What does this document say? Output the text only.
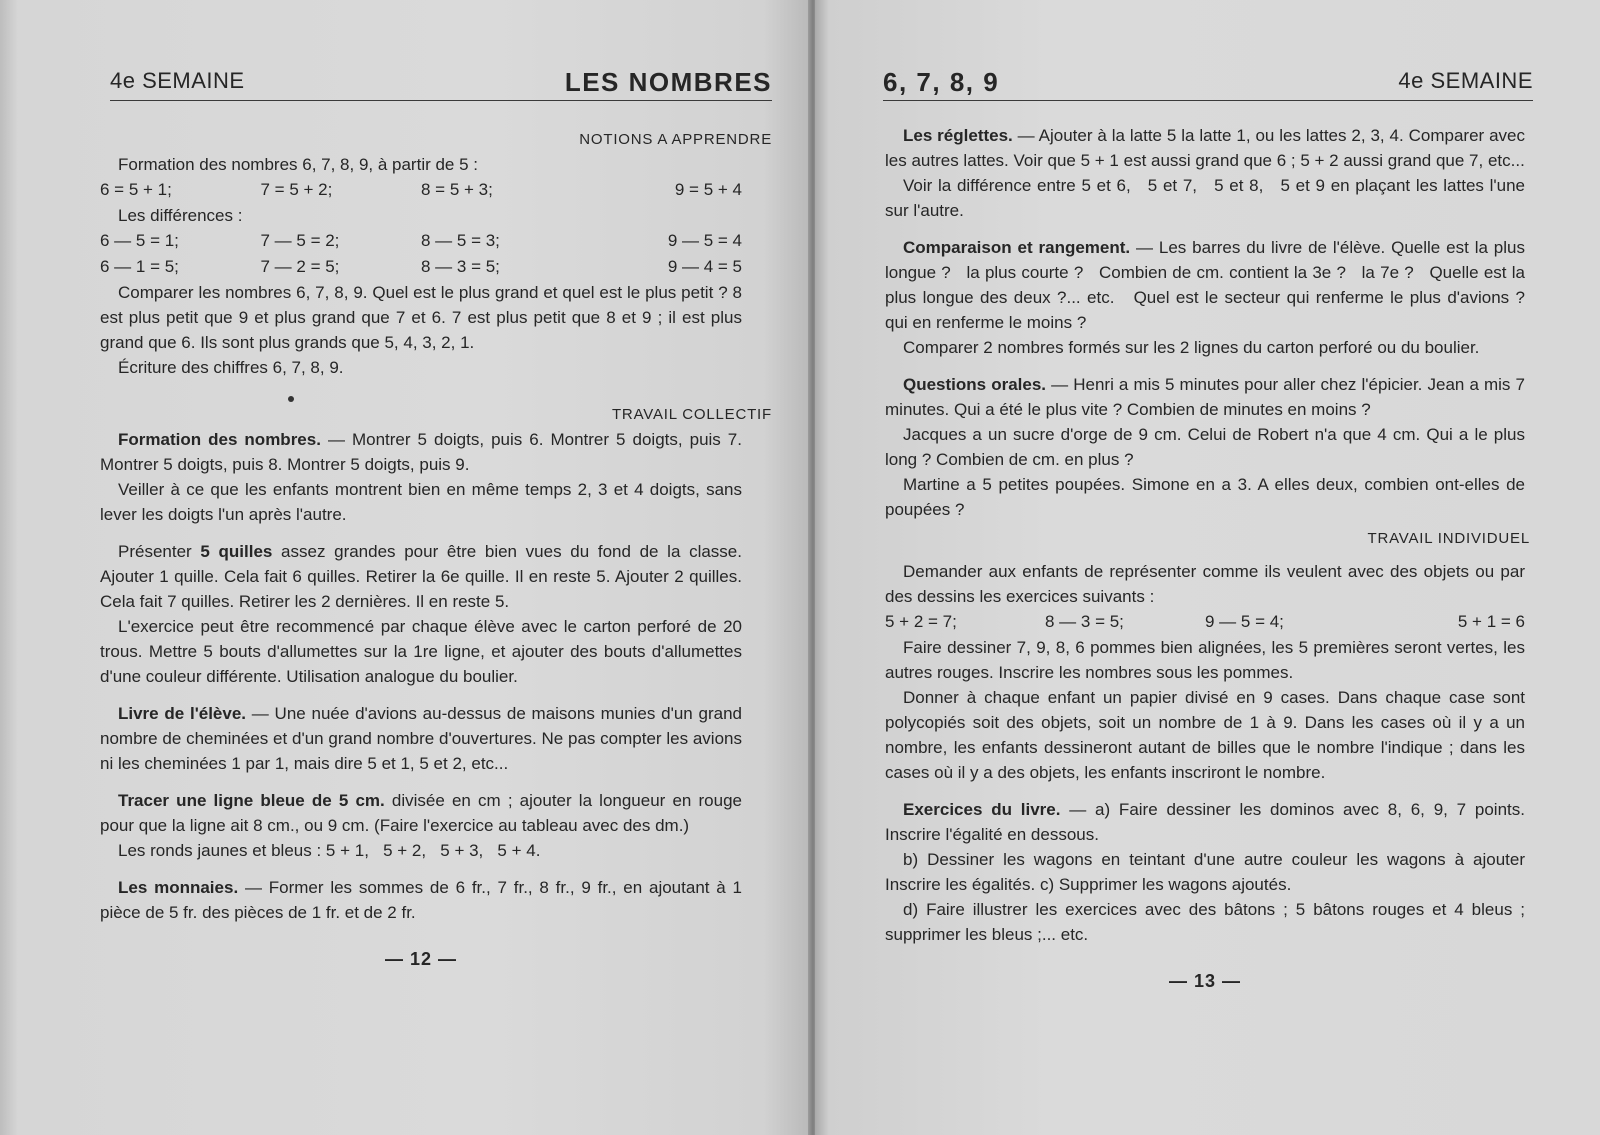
4e SEMAINE	LES NOMBRES
NOTIONS A APPRENDRE

Formation des nombres 6, 7, 8, 9, à partir de 5 :

6 = 5 + 1;	7 = 5 + 2;	8 = 5 + 3;	9 = 5 + 4

Les différences :

6 — 5 = 1;	7 — 5 = 2;	8 — 5 = 3;	9 — 5 = 4
6 — 1 = 5;	7 — 2 = 5;	8 — 3 = 5;	9 — 4 = 5

Comparer les nombres 6, 7, 8, 9. Quel est le plus grand et quel est le plus petit ? 8 est plus petit que 9 et plus grand que 7 et 6. 7 est plus petit que 8 et 9 ; il est plus grand que 6. Ils sont plus grands que 5, 4, 3, 2, 1.

Écriture des chiffres 6, 7, 8, 9.

TRAVAIL COLLECTIF

Formation des nombres. — Montrer 5 doigts, puis 6. Montrer 5 doigts, puis 7. Montrer 5 doigts, puis 8. Montrer 5 doigts, puis 9.

Veiller à ce que les enfants montrent bien en même temps 2, 3 et 4 doigts, sans lever les doigts l'un après l'autre.

Présenter 5 quilles assez grandes pour être bien vues du fond de la classe. Ajouter 1 quille. Cela fait 6 quilles. Retirer la 6e quille. Il en reste 5. Ajouter 2 quilles. Cela fait 7 quilles. Retirer les 2 dernières. Il en reste 5.

L'exercice peut être recommencé par chaque élève avec le carton perforé de 20 trous. Mettre 5 bouts d'allumettes sur la 1re ligne, et ajouter des bouts d'allumettes d'une couleur différente. Utilisation analogue du boulier.

Livre de l'élève. — Une nuée d'avions au-dessus de maisons munies d'un grand nombre de cheminées et d'un grand nombre d'ouvertures. Ne pas compter les avions ni les cheminées 1 par 1, mais dire 5 et 1, 5 et 2, etc...

Tracer une ligne bleue de 5 cm. divisée en cm ; ajouter la longueur en rouge pour que la ligne ait 8 cm., ou 9 cm. (Faire l'exercice au tableau avec des dm.)

Les ronds jaunes et bleus : 5 + 1,   5 + 2,   5 + 3,   5 + 4.

Les monnaies. — Former les sommes de 6 fr., 7 fr., 8 fr., 9 fr., en ajoutant à 1 pièce de 5 fr. des pièces de 1 fr. et de 2 fr.

— 12 —
6, 7, 8, 9	4e SEMAINE

Les réglettes. — Ajouter à la latte 5 la latte 1, ou les lattes 2, 3, 4. Comparer avec les autres lattes. Voir que 5 + 1 est aussi grand que 6 ; 5 + 2 aussi grand que 7, etc...

Voir la différence entre 5 et 6,   5 et 7,   5 et 8,   5 et 9 en plaçant les lattes l'une sur l'autre.

Comparaison et rangement. — Les barres du livre de l'élève. Quelle est la plus longue ?   la plus courte ?   Combien de cm. contient la 3e ?   la 7e ?   Quelle est la plus longue des deux ?... etc.   Quel est le secteur qui renferme le plus d'avions ?   qui en renferme le moins ?

Comparer 2 nombres formés sur les 2 lignes du carton perforé ou du boulier.

Questions orales. — Henri a mis 5 minutes pour aller chez l'épicier. Jean a mis 7 minutes. Qui a été le plus vite ? Combien de minutes en moins ?

Jacques a un sucre d'orge de 9 cm. Celui de Robert n'a que 4 cm. Qui a le plus long ? Combien de cm. en plus ?

Martine a 5 petites poupées. Simone en a 3. A elles deux, combien ont-elles de poupées ?

TRAVAIL INDIVIDUEL

Demander aux enfants de représenter comme ils veulent avec des objets ou par des dessins les exercices suivants :

5 + 2 = 7;	8 — 3 = 5;	9 — 5 = 4;	5 + 1 = 6

Faire dessiner 7, 9, 8, 6 pommes bien alignées, les 5 premières seront vertes, les autres rouges. Inscrire les nombres sous les pommes.

Donner à chaque enfant un papier divisé en 9 cases. Dans chaque case sont polycopiés soit des objets, soit un nombre de 1 à 9. Dans les cases où il y a un nombre, les enfants dessineront autant de billes que le nombre l'indique ; dans les cases où il y a des objets, les enfants inscriront le nombre.

Exercices du livre. — a) Faire dessiner les dominos avec 8, 6, 9, 7 points. Inscrire l'égalité en dessous.

b) Dessiner les wagons en teintant d'une autre couleur les wagons à ajouter Inscrire les égalités. c) Supprimer les wagons ajoutés.

d) Faire illustrer les exercices avec des bâtons ; 5 bâtons rouges et 4 bleus ; supprimer les bleus ;... etc.

— 13 —
